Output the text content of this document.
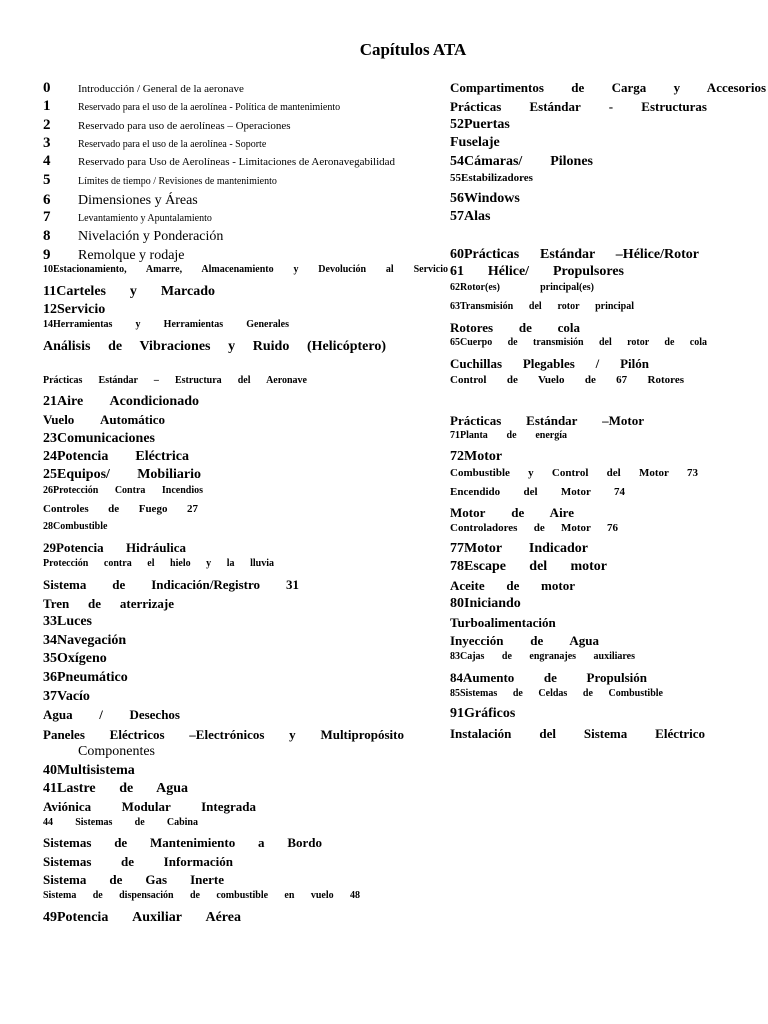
Capítulos ATA
0	Introducción / General de la aeronave
1	Reservado para el uso de la aerolínea - Política de mantenimiento
2	Reservado para uso de aerolíneas – Operaciones
3	Reservado para el uso de la aerolínea - Soporte
4	Reservado para Uso de Aerolíneas - Limitaciones de Aeronavegabilidad
5	Límites de tiempo / Revisiones de mantenimiento
6 Dimensiones y Áreas
7	Levantamiento y Apuntalamiento
8 Nivelación y Ponderación
9 Remolque y rodaje
10Estacionamiento, Amarre, Almacenamiento y Devolución al Servicio
11Carteles y Marcado
12Servicio
14Herramientas y Herramientas Generales
Análisis de Vibraciones y Ruido (Helicóptero)
Prácticas Estándar – Estructura del Aeronave
21Aire Acondicionado
Vuelo Automático
23Comunicaciones
24Potencia Eléctrica
25Equipos/ Mobiliario
26Protección Contra Incendios
Controles de Fuego 27
28Combustible
29Potencia Hidráulica
Protección contra el hielo y la lluvia
Sistema de Indicación/Registro 31
Tren de aterrizaje
33Luces
34Navegación
35Oxígeno
36Pneumático
37Vacío
Agua / Desechos
Paneles Eléctricos –Electrónicos y Multipropósito
Componentes
40Multisistema
41Lastre de Agua
Aviónica Modular Integrada
44 Sistemas de Cabina
Sistemas de Mantenimiento a Bordo
Sistemas de Información
Sistema de Gas Inerte
Sistema de dispensación de combustible en vuelo 48
49Potencia Auxiliar Aérea
Compartimentos de Carga y Accesorios
Prácticas Estándar - Estructuras
52Puertas
Fuselaje
54Cámaras/ Pilones
55Estabilizadores
56Windows
57Alas
60Prácticas Estándar –Hélice/Rotor
61 Hélice/ Propulsores
62Rotor(es) principal(es)
63Transmisión del rotor principal
Rotores de cola
65Cuerpo de transmisión del rotor de cola
Cuchillas Plegables / Pilón
Control de Vuelo de 67 Rotores
Prácticas Estándar –Motor
71Planta de energía
72Motor
Combustible y Control del Motor 73
Encendido del Motor 74
Motor de Aire
Controladores de Motor 76
77Motor Indicador
78Escape del motor
Aceite de motor
80Iniciando
Turboalimentación
Inyección de Agua
83Cajas de engranajes auxiliares
84Aumento de Propulsión
85Sistemas de Celdas de Combustible
91Gráficos
Instalación del Sistema Eléctrico
